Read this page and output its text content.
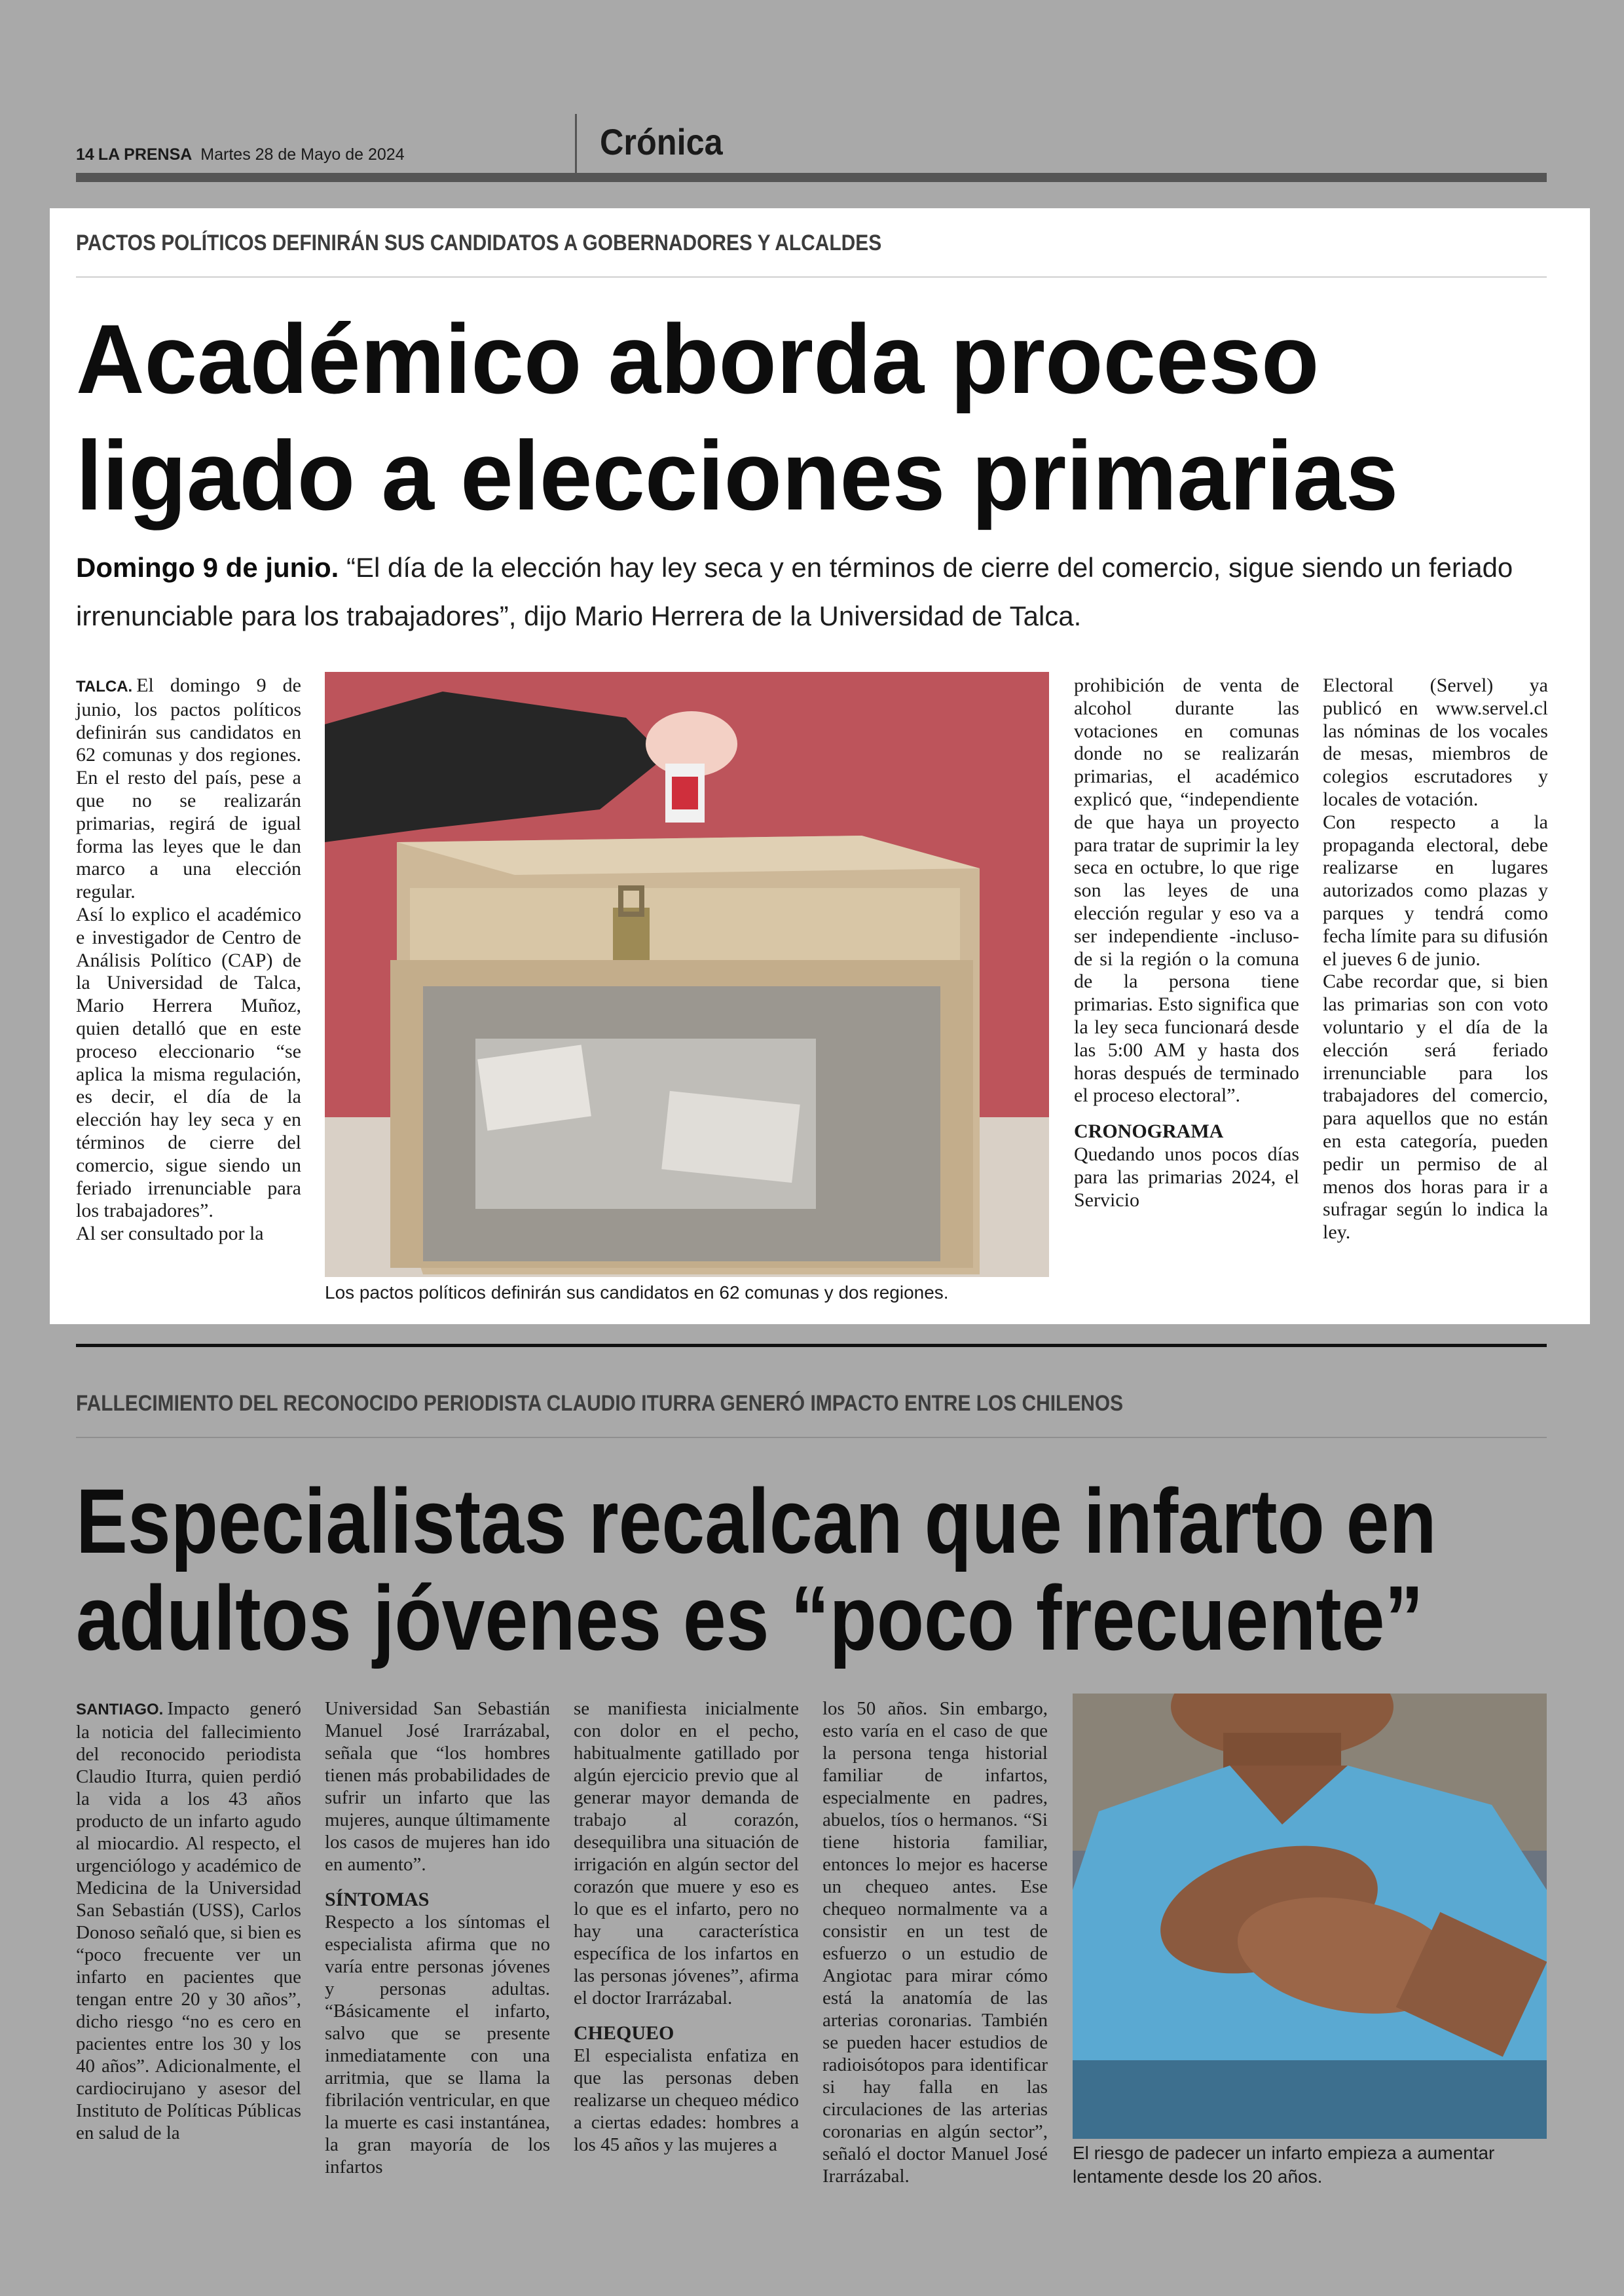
14 LA PRENSA Martes 28 de Mayo de 2024	Crónica
PACTOS POLÍTICOS DEFINIRÁN SUS CANDIDATOS A GOBERNADORES Y ALCALDES
Académico aborda proceso
ligado a elecciones primarias

Domingo 9 de junio. “El día de la elección hay ley seca y en términos de cierre del comercio, sigue siendo un feriado irrenunciable para los trabajadores”, dijo Mario Herrera de la Universidad de Talca.

TALCA. El domingo 9 de junio, los pactos políticos definirán sus candidatos en 62 comunas y dos regiones. En el resto del país, pese a que no se realizarán primarias, regirá de igual forma las leyes que le dan marco a una elección regular.

Así lo explico el académico e investigador de Centro de Análisis Político (CAP) de la Universidad de Talca, Mario Herrera Muñoz, quien detalló que en este proceso eleccionario “se aplica la misma regulación, es decir, el día de la elección hay ley seca y en términos de cierre del comercio, sigue siendo un feriado irrenunciable para los trabajadores”.

Al ser consultado por la

Los pactos políticos definirán sus candidatos en 62 comunas y dos regiones.

prohibición de venta de alcohol durante las votaciones en comunas donde no se realizarán primarias, el académico explicó que, “independiente de que haya un proyecto para tratar de suprimir la ley seca en octubre, lo que rige son las leyes de una elección regular y eso va a ser independiente -incluso- de si la región o la comuna de la persona tiene primarias. Esto significa que la ley seca funcionará desde las 5:00 AM y hasta dos horas después de terminado el proceso electoral”.

CRONOGRAMA

Quedando unos pocos días para las primarias 2024, el Servicio

Electoral (Servel) ya publicó en www.servel.cl las nóminas de los vocales de mesas, miembros de colegios escrutadores y locales de votación.

Con respecto a la propaganda electoral, debe realizarse en lugares autorizados como plazas y parques y tendrá como fecha límite para su difusión el jueves 6 de junio.

Cabe recordar que, si bien las primarias son con voto voluntario y el día de la elección será feriado irrenunciable para los trabajadores del comercio, para aquellos que no están en esta categoría, pueden pedir un permiso de al menos dos horas para ir a sufragar según lo indica la ley.

FALLECIMIENTO DEL RECONOCIDO PERIODISTA CLAUDIO ITURRA GENERÓ IMPACTO ENTRE LOS CHILENOS
Especialistas recalcan que infarto en
adultos jóvenes es “poco frecuente”

SANTIAGO. Impacto generó la noticia del fallecimiento del reconocido periodista Claudio Iturra, quien perdió la vida a los 43 años producto de un infarto agudo al miocardio. Al respecto, el urgenciólogo y académico de Medicina de la Universidad San Sebastián (USS), Carlos Donoso señaló que, si bien es “poco frecuente ver un infarto en pacientes que tengan entre 20 y 30 años”, dicho riesgo “no es cero en pacientes entre los 30 y los 40 años”. Adicionalmente, el cardiocirujano y asesor del Instituto de Políticas Públicas en salud de la

Universidad San Sebastián Manuel José Irarrázabal, señala que “los hombres tienen más probabilidades de sufrir un infarto que las mujeres, aunque últimamente los casos de mujeres han ido en aumento”.

SÍNTOMAS

Respecto a los síntomas el especialista afirma que no varía entre personas jóvenes y personas adultas. “Básicamente el infarto, salvo que se presente inmediatamente con una arritmia, que se llama la fibrilación ventricular, en que la muerte es casi instantánea, la gran mayoría de los infartos

se manifiesta inicialmente con dolor en el pecho, habitualmente gatillado por algún ejercicio previo que al generar mayor demanda de trabajo al corazón, desequilibra una situación de irrigación en algún sector del corazón que muere y eso es lo que es el infarto, pero no hay una característica específica de los infartos en las personas jóvenes”, afirma el doctor Irarrázabal.

CHEQUEO

El especialista enfatiza en que las personas deben realizarse un chequeo médico a ciertas edades: hombres a los 45 años y las mujeres a

los 50 años. Sin embargo, esto varía en el caso de que la persona tenga historial familiar de infartos, especialmente en padres, abuelos, tíos o hermanos. “Si tiene historia familiar, entonces lo mejor es hacerse un chequeo antes. Ese chequeo normalmente va a consistir en un test de esfuerzo o un estudio de Angiotac para mirar cómo está la anatomía de las arterias coronarias. También se pueden hacer estudios de radioisótopos para identificar si hay falla en las circulaciones de las arterias coronarias en algún sector”, señaló el doctor Manuel José Irarrázabal.

El riesgo de padecer un infarto empieza a aumentar lentamente desde los 20 años.
